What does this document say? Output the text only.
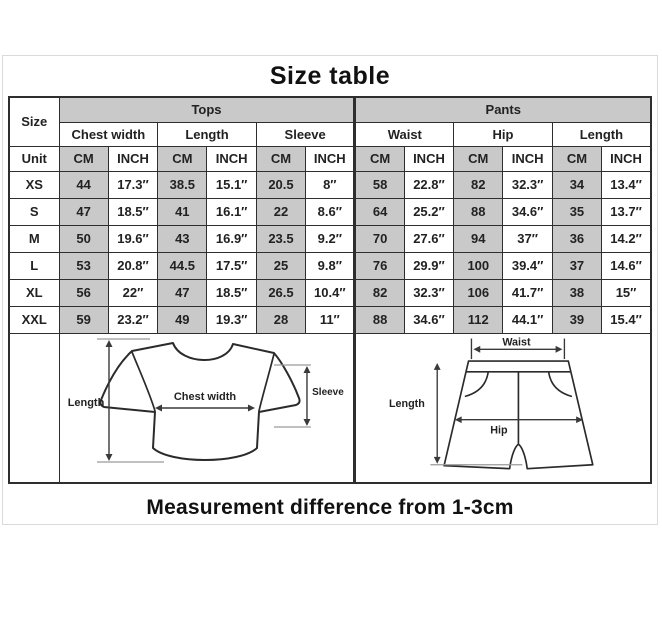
Size table
Size	Tops						Pants					
	Chest width		Length		Sleeve		Waist		Hip		Length	
Unit	CM	INCH	CM	INCH	CM	INCH	CM	INCH	CM	INCH	CM	INCH
XS	44	17.3″	38.5	15.1″	20.5	8″	58	22.8″	82	32.3″	34	13.4″
S	47	18.5″	41	16.1″	22	8.6″	64	25.2″	88	34.6″	35	13.7″
M	50	19.6″	43	16.9″	23.5	9.2″	70	27.6″	94	37″	36	14.2″
L	53	20.8″	44.5	17.5″	25	9.8″	76	29.9″	100	39.4″	37	14.6″
XL	56	22″	47	18.5″	26.5	10.4″	82	32.3″	106	41.7″	38	15″
XXL	59	23.2″	49	19.3″	28	11″	88	34.6″	112	44.1″	39	15.4″

Length Chest width Sleeve						Waist
Length
Hip					
Measurement difference from 1-3cm
